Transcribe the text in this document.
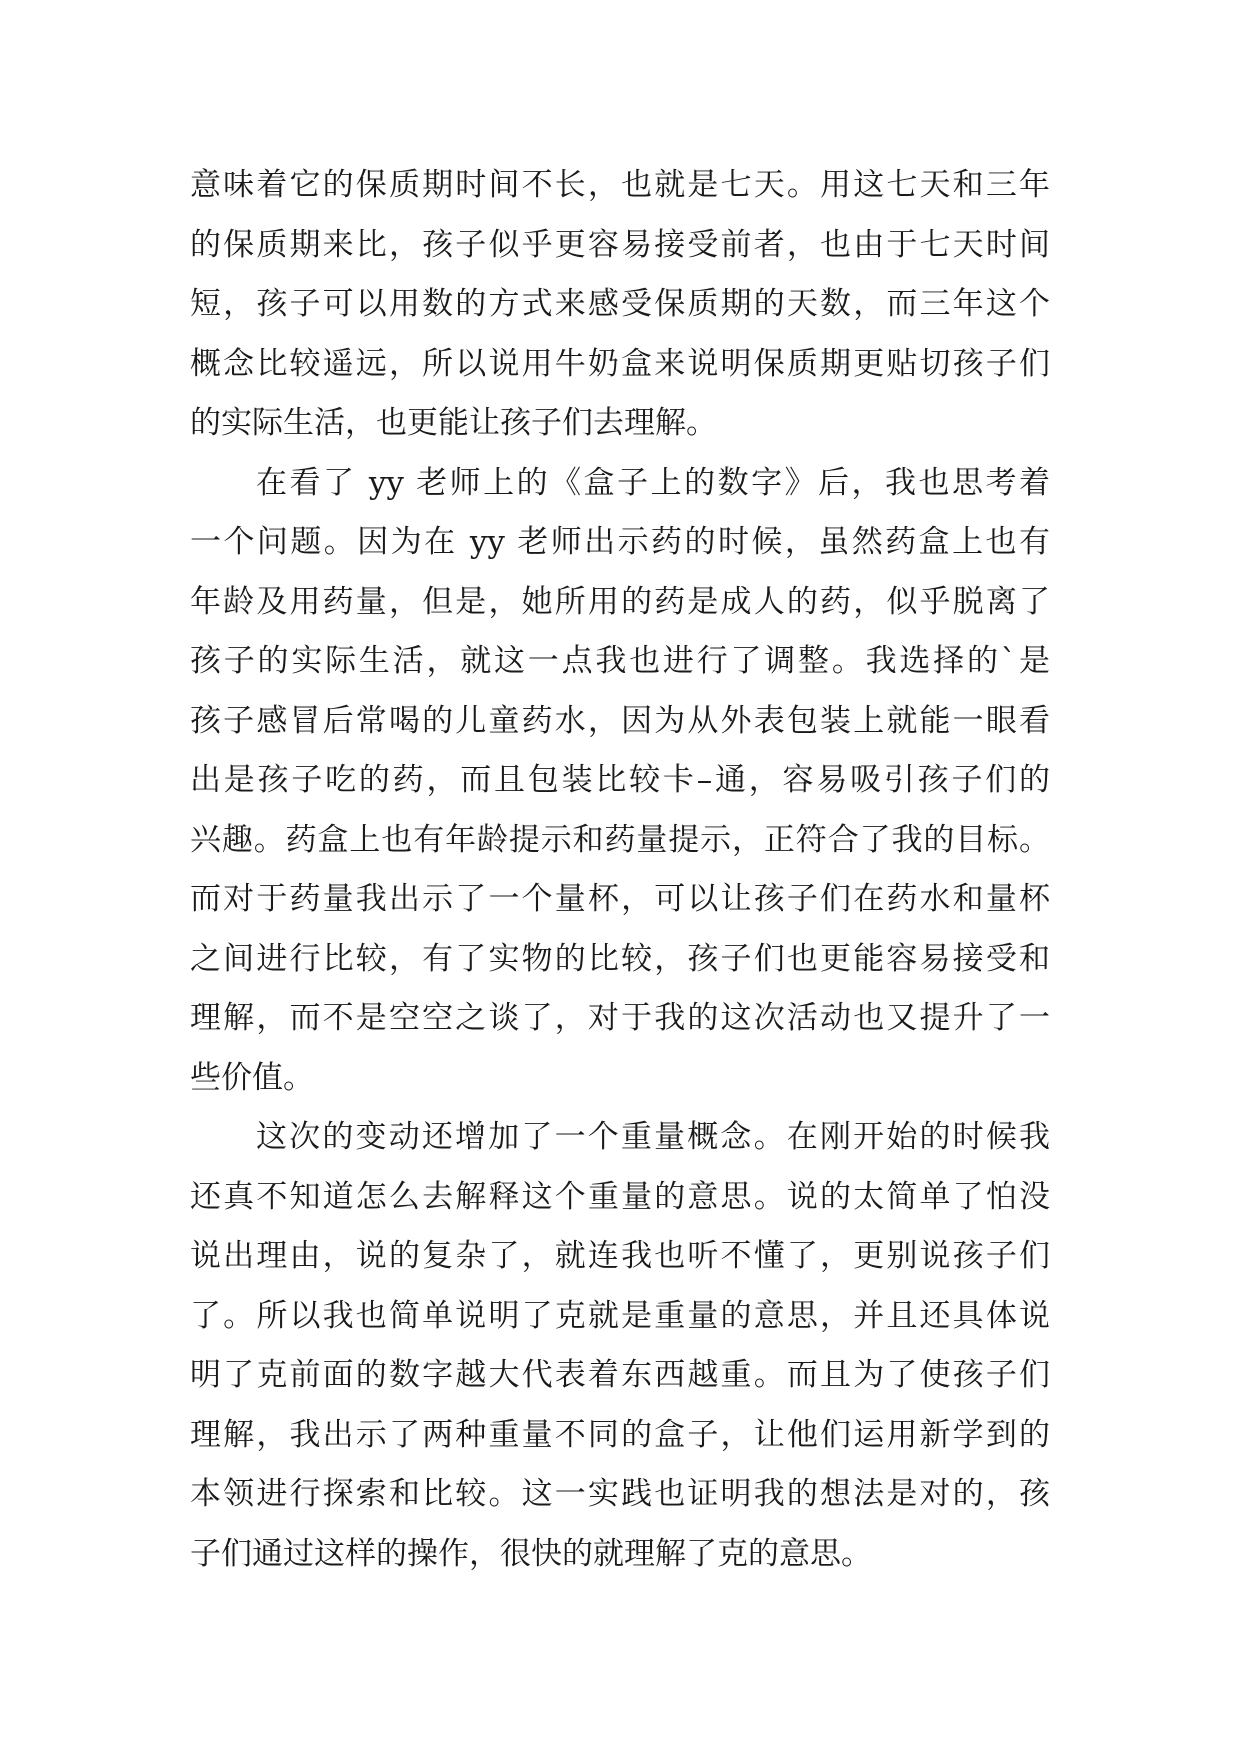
意味着它的保质期时间不长，也就是七天。用这七天和三年
的保质期来比，孩子似乎更容易接受前者，也由于七天时间
短，孩子可以用数的方式来感受保质期的天数，而三年这个
概念比较遥远，所以说用牛奶盒来说明保质期更贴切孩子们
的实际生活，也更能让孩子们去理解。
在看了 yy 老师上的《盒子上的数字》后，我也思考着
一个问题。因为在 yy 老师出示药的时候，虽然药盒上也有
年龄及用药量，但是，她所用的药是成人的药，似乎脱离了
孩子的实际生活，就这一点我也进行了调整。我选择的`是
孩子感冒后常喝的儿童药水，因为从外表包装上就能一眼看
出是孩子吃的药，而且包装比较卡–通，容易吸引孩子们的
兴趣。药盒上也有年龄提示和药量提示，正符合了我的目标。
而对于药量我出示了一个量杯，可以让孩子们在药水和量杯
之间进行比较，有了实物的比较，孩子们也更能容易接受和
理解，而不是空空之谈了，对于我的这次活动也又提升了一
些价值。
这次的变动还增加了一个重量概念。在刚开始的时候我
还真不知道怎么去解释这个重量的意思。说的太简单了怕没
说出理由，说的复杂了，就连我也听不懂了，更别说孩子们
了。所以我也简单说明了克就是重量的意思，并且还具体说
明了克前面的数字越大代表着东西越重。而且为了使孩子们
理解，我出示了两种重量不同的盒子，让他们运用新学到的
本领进行探索和比较。这一实践也证明我的想法是对的，孩
子们通过这样的操作，很快的就理解了克的意思。
